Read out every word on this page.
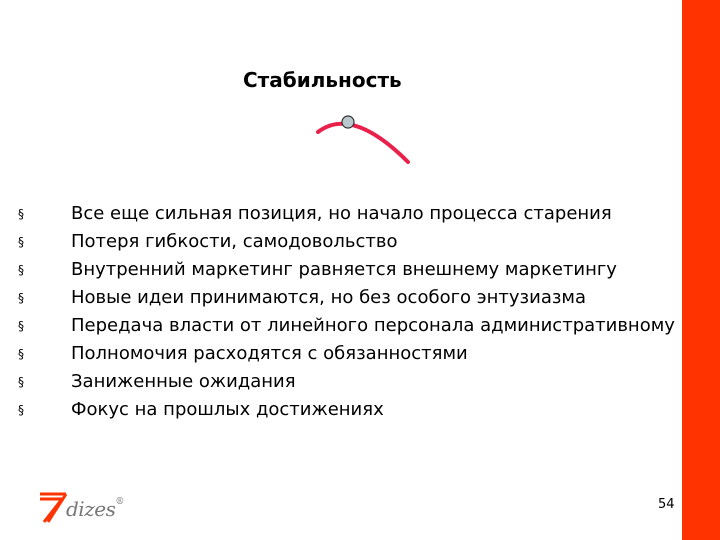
Стабильность
§	Все еще сильная позиция, но начало процесса старения
§	Потеря гибкости, самодовольство
§	Внутренний маркетинг равняется внешнему маркетингу
§	Новые идеи принимаются, но без особого энтузиазма
§	Передача власти от линейного персонала административному
§	Полномочия расходятся с обязанностями
§	Заниженные ожидания
§	Фокус на прошлых достижениях
dizes®	54
